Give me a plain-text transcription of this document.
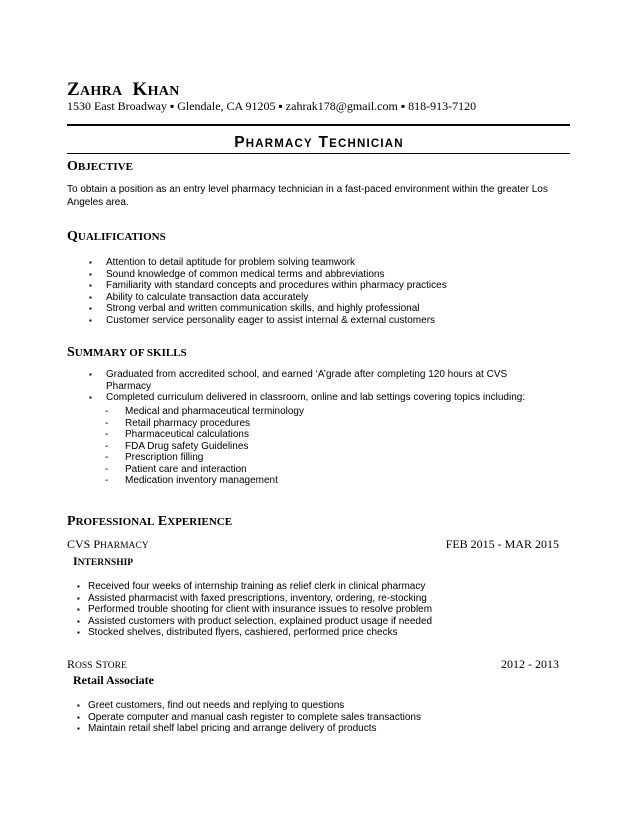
ZAHRA KHAN
1530 East Broadway ▪ Glendale, CA 91205 ▪ zahrak178@gmail.com ▪ 818-913-7120
PHARMACY TECHNICIAN
OBJECTIVE
To obtain a position as an entry level pharmacy technician in a fast-paced environment within the greater Los Angeles area.
QUALIFICATIONS
▪ Attention to detail aptitude for problem solving teamwork
▪ Sound knowledge of common medical terms and abbreviations
▪ Familiarity with standard concepts and procedures within pharmacy practices
▪ Ability to calculate transaction data accurately
▪ Strong verbal and written communication skills, and highly professional
▪ Customer service personality eager to assist internal & external customers
SUMMARY OF SKILLS
▪ Graduated from accredited school, and earned ‘A’grade after completing 120 hours at CVS Pharmacy
▪ Completed curriculum delivered in classroom, online and lab settings covering topics including:
- Medical and pharmaceutical terminology
- Retail pharmacy procedures
- Pharmaceutical calculations
- FDA Drug safety Guidelines
- Prescription filling
- Patient care and interaction
- Medication inventory management
PROFESSIONAL EXPERIENCE
CVS PHARMACY	FEB 2015 - MAR 2015
INTERNSHIP
▪ Received four weeks of internship training as relief clerk in clinical pharmacy
▪ Assisted pharmacist with faxed prescriptions, inventory, ordering, re-stocking
▪ Performed trouble shooting for client with insurance issues to resolve problem
▪ Assisted customers with product selection, explained product usage if needed
▪ Stocked shelves, distributed flyers, cashiered, performed price checks
ROSS STORE	2012 - 2013
Retail Associate
▪ Greet customers, find out needs and replying to questions
▪ Operate computer and manual cash register to complete sales transactions
▪ Maintain retail shelf label pricing and arrange delivery of products
